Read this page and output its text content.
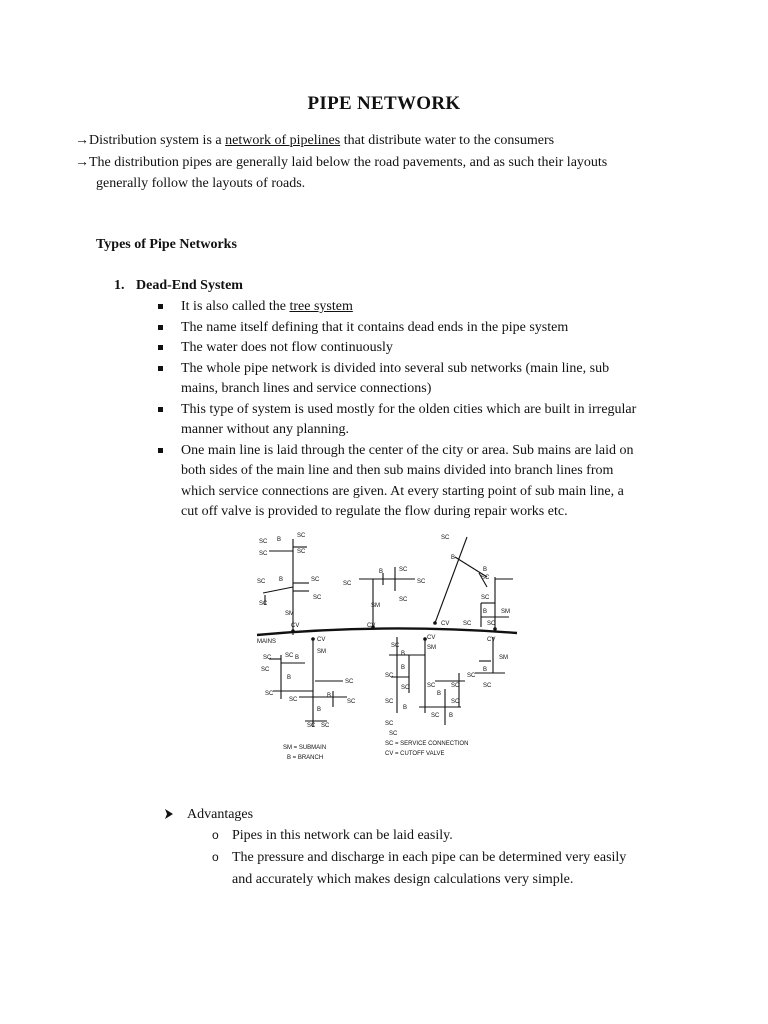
PIPE NETWORK
→Distribution system is a network of pipelines that distribute water to the consumers
→The distribution pipes are generally laid below the road pavements, and as such their layouts
generally follow the layouts of roads.
Types of Pipe Networks
1. Dead-End System
It is also called the tree system
The name itself defining that it contains dead ends in the pipe system
The water does not flow continuously
The whole pipe network is divided into several sub networks (main line, sub
mains, branch lines and service connections)
This type of system is used mostly for the olden cities which are built in irregular
manner without any planning.
One main line is laid through the center of the city or area. Sub mains are laid on
both sides of the main line and then sub mains divided into branch lines from
which service connections are given. At every starting point of sub main line, a
cut off valve is provided to regulate the flow during repair works etc.
SC B
SC
SC	SC
SC B	SC
SC
SC
SM
CV
SC
B	SC
SC
SC
SM
CV
SC
B
B
SC
SC
B SM
SC	SC
CV
CV
MAINS	CV
SM
SC SC B
SC
B
SC
SC
SC
B
SC
B
SC SC
SC
CV
SM
B
SC
B
SC
SC
B
SC
SC
SC
B
SC
SC
SC B
SC
B
SM
SC
SM = SUBMAIN
B = BRANCH
SC = SERVICE CONNECTION
CV = CUTOFF VALVE
Advantages
o Pipes in this network can be laid easily.
o The pressure and discharge in each pipe can be determined very easily
and accurately which makes design calculations very simple.
